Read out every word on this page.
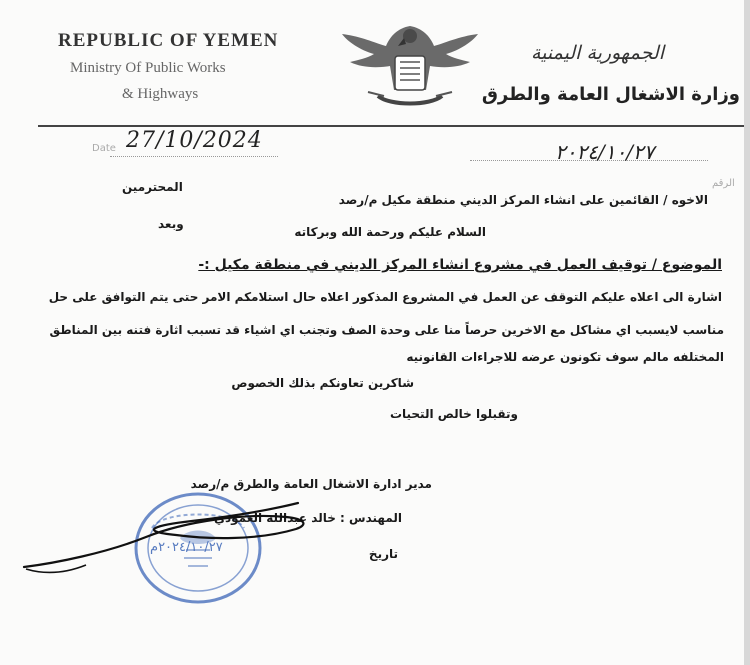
REPUBLIC OF YEMEN
Ministry Of Public Works
& Highways
الجمهورية اليمنية
وزارة الاشغال العامة والطرق
Date 27/10/2024	٢٠٢٤/١٠/٢٧
الرقم
المحترمين
الاخوه / القائمين على انشاء المركز الديني منطقة مكيل م/رصد
وبعد
السلام عليكم ورحمة الله وبركاته
الموضوع / توقيف العمل في مشروع انشاء المركز الديني في منطقة مكيل :-
اشارة الى اعلاه عليكم التوقف عن العمل في المشروع المذكور اعلاه حال استلامكم الامر حتى يتم التوافق على حل
مناسب لايسبب اي مشاكل مع الاخرين حرصاً منا على وحدة الصف وتجنب اي اشياء قد تسبب اثارة فتنه بين المناطق
المختلفه مالم سوف تكونون عرضه للاجراءات القانونيه
شاكرين تعاونكم بذلك الخصوص
وتقبلوا خالص التحيات
مدير ادارة الاشغال العامة والطرق م/رصد
المهندس : خالد عبدالله العمودي
تاريخ
٢٠٢٤/١٠/٢٧م
